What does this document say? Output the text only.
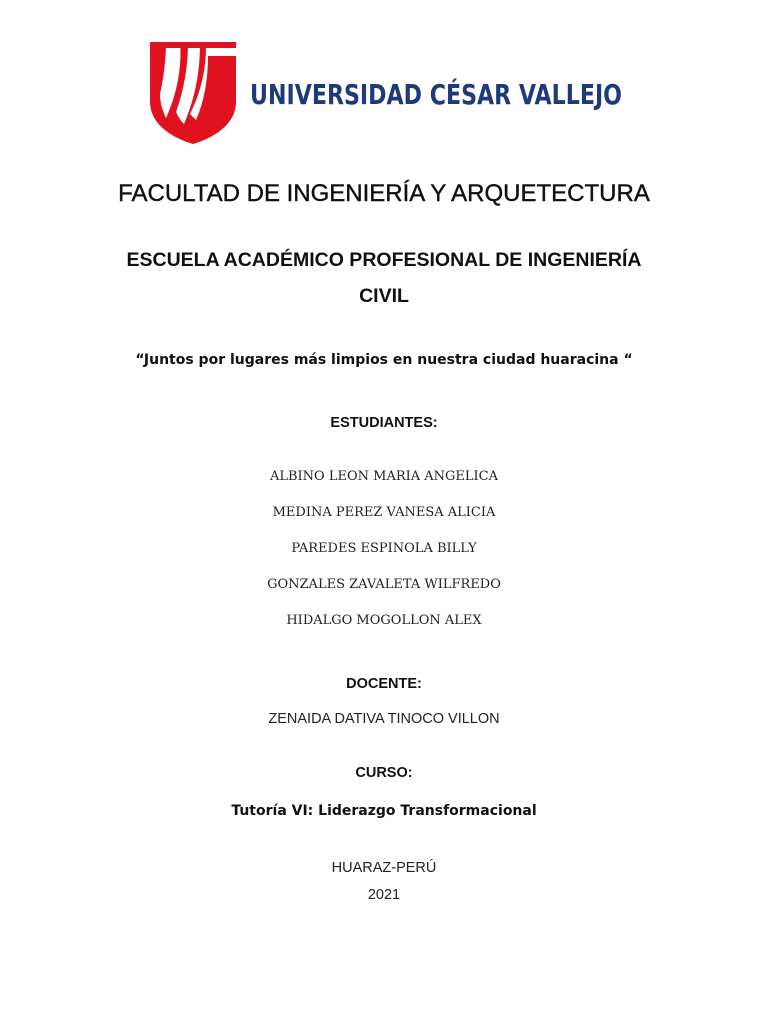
UNIVERSIDAD CÉSAR VALLEJO
FACULTAD DE INGENIERÍA Y ARQUETECTURA
ESCUELA ACADÉMICO PROFESIONAL DE INGENIERÍA
CIVIL
“Juntos por lugares más limpios en nuestra ciudad huaracina “
ESTUDIANTES:
ALBINO LEON MARIA ANGELICA
MEDINA PEREZ VANESA ALICIA
PAREDES ESPINOLA BILLY
GONZALES ZAVALETA WILFREDO
HIDALGO MOGOLLON ALEX
DOCENTE:
ZENAIDA DATIVA TINOCO VILLON
CURSO:
Tutoría VI: Liderazgo Transformacional
HUARAZ-PERÚ
2021
